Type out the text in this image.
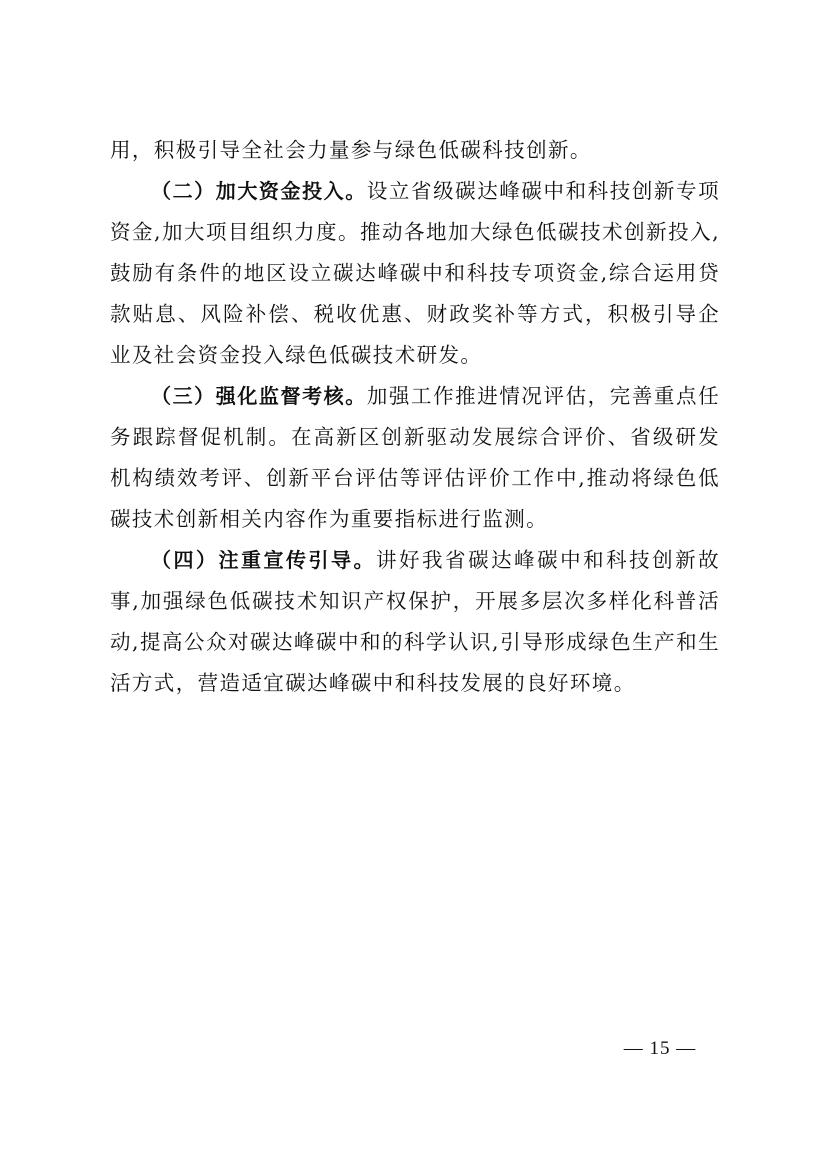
用，积极引导全社会力量参与绿色低碳科技创新。

（二）加大资金投入。设立省级碳达峰碳中和科技创新专项资金,加大项目组织力度。推动各地加大绿色低碳技术创新投入,鼓励有条件的地区设立碳达峰碳中和科技专项资金,综合运用贷款贴息、风险补偿、税收优惠、财政奖补等方式，积极引导企业及社会资金投入绿色低碳技术研发。

（三）强化监督考核。加强工作推进情况评估，完善重点任务跟踪督促机制。在高新区创新驱动发展综合评价、省级研发机构绩效考评、创新平台评估等评估评价工作中,推动将绿色低碳技术创新相关内容作为重要指标进行监测。

（四）注重宣传引导。讲好我省碳达峰碳中和科技创新故事,加强绿色低碳技术知识产权保护，开展多层次多样化科普活动,提高公众对碳达峰碳中和的科学认识,引导形成绿色生产和生活方式，营造适宜碳达峰碳中和科技发展的良好环境。

— 15 —
